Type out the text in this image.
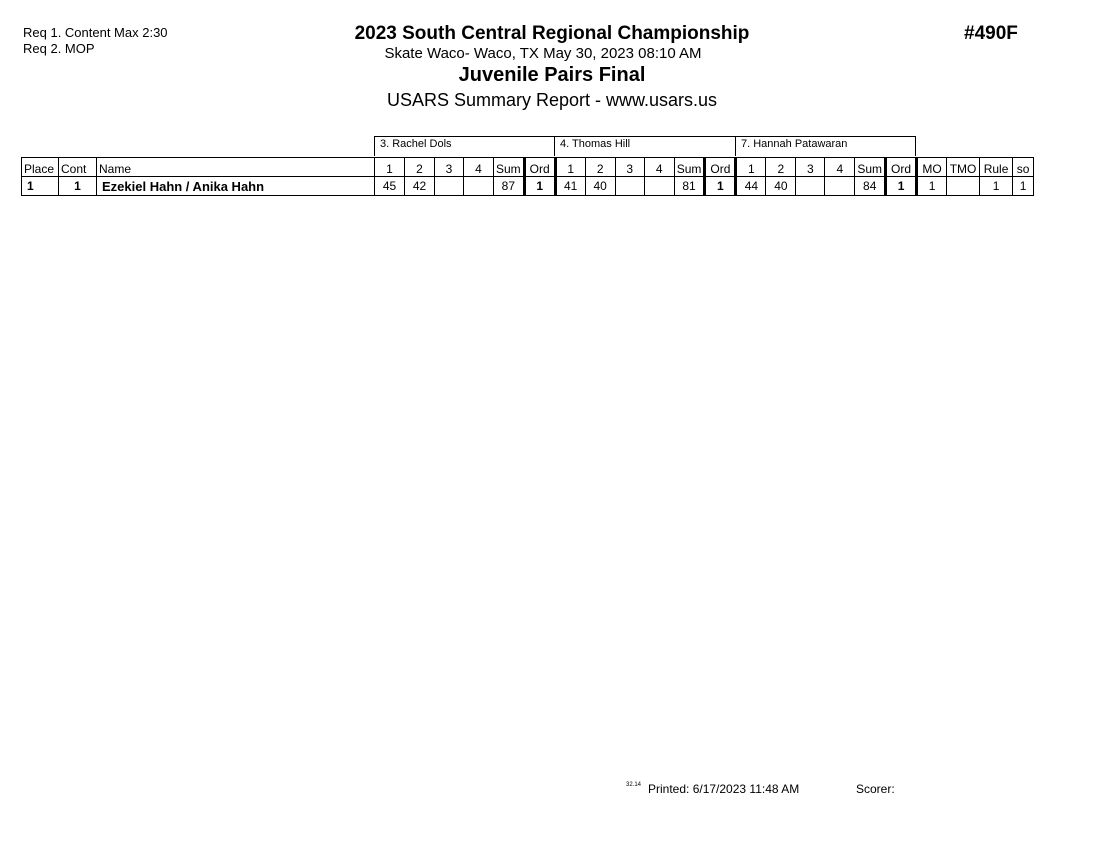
Req 1. Content Max 2:30
Req 2. MOP
#490F
2023 South Central Regional Championship
Skate Waco- Waco, TX May 30, 2023 08:10 AM
Juvenile Pairs Final
USARS Summary Report - www.usars.us
3. Rachel Dols	4. Thomas Hill	7. Hannah Patawaran
Place	Cont	Name	1	2	3	4	Sum	Ord	1	2	3	4	Sum	Ord	1	2	3	4	Sum	Ord	MO	TMO	Rule	so
1	1	Ezekiel Hahn / Anika Hahn	45	42			87	1	41	40			81	1	44	40			84	1	1		1	1
32.14 Printed: 6/17/2023 11:48 AM	Scorer:
